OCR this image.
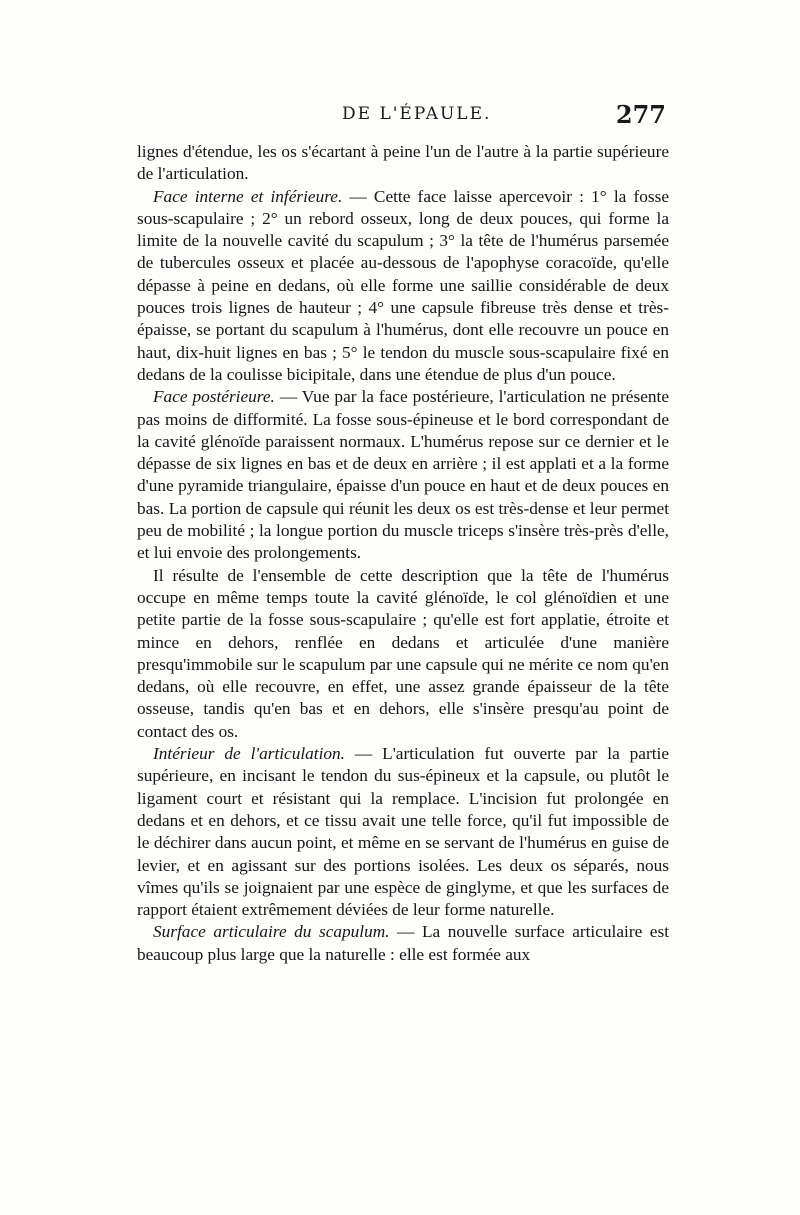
DE L'ÉPAULE.	277

lignes d'étendue, les os s'écartant à peine l'un de l'autre à la partie supérieure de l'articulation.

Face interne et inférieure. — Cette face laisse apercevoir : 1° la fosse sous-scapulaire ; 2° un rebord osseux, long de deux pouces, qui forme la limite de la nouvelle cavité du scapulum ; 3° la tête de l'humérus parsemée de tubercules osseux et placée au-dessous de l'apophyse coracoïde, qu'elle dépasse à peine en dedans, où elle forme une saillie considérable de deux pouces trois lignes de hauteur ; 4° une capsule fibreuse très dense et très-épaisse, se portant du scapulum à l'humérus, dont elle recouvre un pouce en haut, dix-huit lignes en bas ; 5° le tendon du muscle sous-scapulaire fixé en dedans de la coulisse bicipitale, dans une étendue de plus d'un pouce.

Face postérieure. — Vue par la face postérieure, l'articulation ne présente pas moins de difformité. La fosse sous-épineuse et le bord correspondant de la cavité glénoïde paraissent normaux. L'humérus repose sur ce dernier et le dépasse de six lignes en bas et de deux en arrière ; il est applati et a la forme d'une pyramide triangulaire, épaisse d'un pouce en haut et de deux pouces en bas. La portion de capsule qui réunit les deux os est très-dense et leur permet peu de mobilité ; la longue portion du muscle triceps s'insère très-près d'elle, et lui envoie des prolongements.

Il résulte de l'ensemble de cette description que la tête de l'humérus occupe en même temps toute la cavité glénoïde, le col glénoïdien et une petite partie de la fosse sous-scapulaire ; qu'elle est fort applatie, étroite et mince en dehors, renflée en dedans et articulée d'une manière presqu'immobile sur le scapulum par une capsule qui ne mérite ce nom qu'en dedans, où elle recouvre, en effet, une assez grande épaisseur de la tête osseuse, tandis qu'en bas et en dehors, elle s'insère presqu'au point de contact des os.

Intérieur de l'articulation. — L'articulation fut ouverte par la partie supérieure, en incisant le tendon du sus-épineux et la capsule, ou plutôt le ligament court et résistant qui la remplace. L'incision fut prolongée en dedans et en dehors, et ce tissu avait une telle force, qu'il fut impossible de le déchirer dans aucun point, et même en se servant de l'humérus en guise de levier, et en agissant sur des portions isolées. Les deux os séparés, nous vîmes qu'ils se joignaient par une espèce de ginglyme, et que les surfaces de rapport étaient extrêmement déviées de leur forme naturelle.

Surface articulaire du scapulum. — La nouvelle surface articulaire est beaucoup plus large que la naturelle : elle est formée aux
